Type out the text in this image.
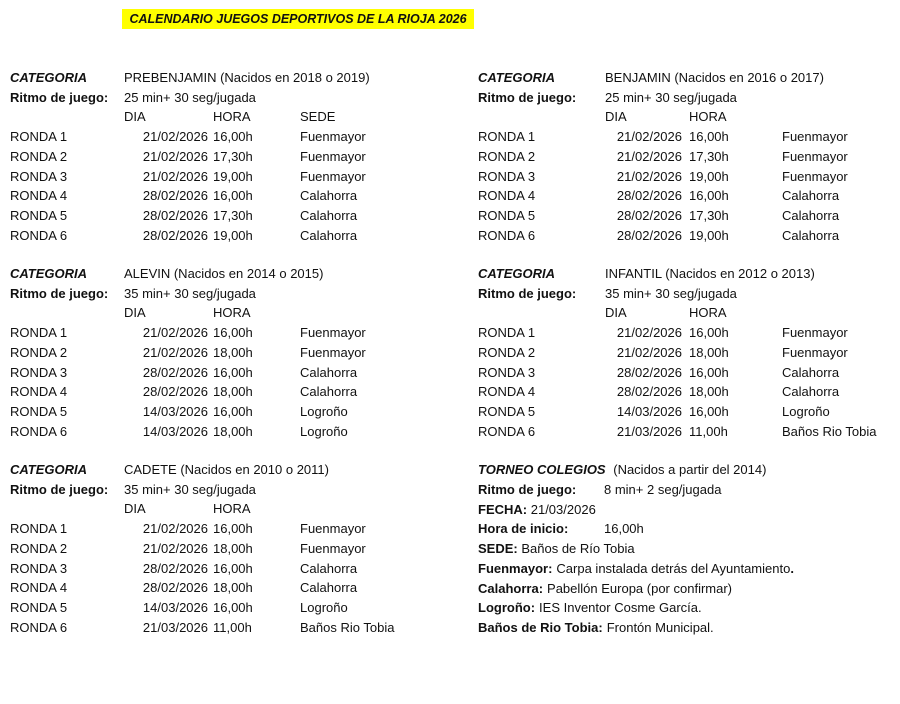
CALENDARIO JUEGOS DEPORTIVOS DE LA RIOJA 2026
CATEGORIA	PREBENJAMIN (Nacidos en 2018 o 2019)
Ritmo de juego: 25 min+ 30 seg/jugada
DIA	HORA	SEDE
RONDA 1	21/02/2026 16,00h	Fuenmayor
RONDA 2	21/02/2026 17,30h	Fuenmayor
RONDA 3	21/02/2026 19,00h	Fuenmayor
RONDA 4	28/02/2026 16,00h	Calahorra
RONDA 5	28/02/2026 17,30h	Calahorra
RONDA 6	28/02/2026 19,00h	Calahorra
CATEGORIA	BENJAMIN (Nacidos en 2016 o 2017)
Ritmo de juego: 25 min+ 30 seg/jugada
DIA	HORA
RONDA 1	21/02/2026 16,00h	Fuenmayor
RONDA 2	21/02/2026 17,30h	Fuenmayor
RONDA 3	21/02/2026 19,00h	Fuenmayor
RONDA 4	28/02/2026 16,00h	Calahorra
RONDA 5	28/02/2026 17,30h	Calahorra
RONDA 6	28/02/2026 19,00h	Calahorra
CATEGORIA	ALEVIN (Nacidos en 2014 o 2015)
Ritmo de juego: 35 min+ 30 seg/jugada
DIA	HORA
RONDA 1	21/02/2026 16,00h	Fuenmayor
RONDA 2	21/02/2026 18,00h	Fuenmayor
RONDA 3	28/02/2026 16,00h	Calahorra
RONDA 4	28/02/2026 18,00h	Calahorra
RONDA 5	14/03/2026 16,00h	Logroño
RONDA 6	14/03/2026 18,00h	Logroño
CATEGORIA	INFANTIL (Nacidos en 2012 o 2013)
Ritmo de juego: 35 min+ 30 seg/jugada
DIA	HORA
RONDA 1	21/02/2026 16,00h	Fuenmayor
RONDA 2	21/02/2026 18,00h	Fuenmayor
RONDA 3	28/02/2026 16,00h	Calahorra
RONDA 4	28/02/2026 18,00h	Calahorra
RONDA 5	14/03/2026 16,00h	Logroño
RONDA 6	21/03/2026 11,00h	Baños Rio Tobia
CATEGORIA	CADETE (Nacidos en 2010 o 2011)
Ritmo de juego: 35 min+ 30 seg/jugada
DIA	HORA
RONDA 1	21/02/2026 16,00h	Fuenmayor
RONDA 2	21/02/2026 18,00h	Fuenmayor
RONDA 3	28/02/2026 16,00h	Calahorra
RONDA 4	28/02/2026 18,00h	Calahorra
RONDA 5	14/03/2026 16,00h	Logroño
RONDA 6	21/03/2026 11,00h	Baños Rio Tobia
TORNEO COLEGIOS (Nacidos a partir del 2014)
Ritmo de juego: 8 min+ 2 seg/jugada
FECHA: 21/03/2026
Hora de inicio:	16,00h
SEDE: Baños de Río Tobia
Fuenmayor: Carpa instalada detrás del Ayuntamiento.
Calahorra: Pabellón Europa (por confirmar)
Logroño: IES Inventor Cosme García.
Baños de Rio Tobia: Frontón Municipal.
